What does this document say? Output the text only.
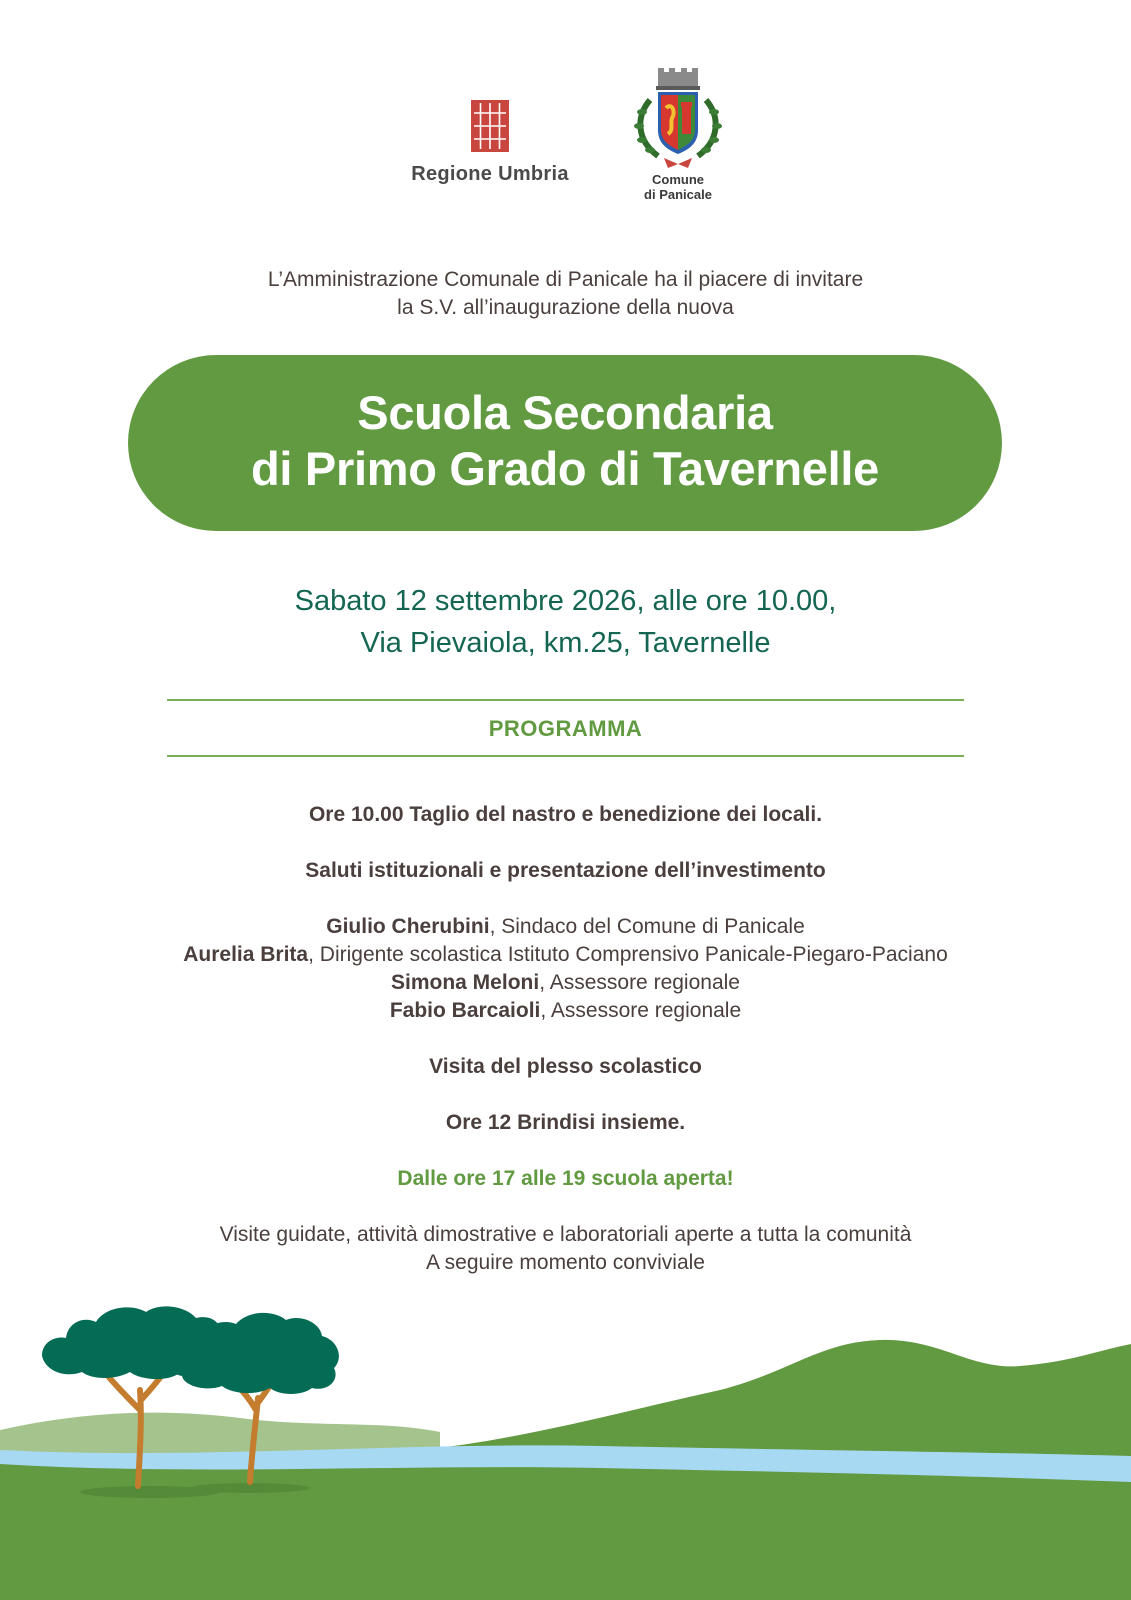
Regione Umbria	Comune
di Panicale
L’Amministrazione Comunale di Panicale ha il piacere di invitare
la S.V. all’inaugurazione della nuova
Scuola Secondaria
di Primo Grado di Tavernelle
Sabato 12 settembre 2026, alle ore 10.00,
Via Pievaiola, km.25, Tavernelle
PROGRAMMA
Ore 10.00 Taglio del nastro e benedizione dei locali.
Saluti istituzionali e presentazione dell’investimento
Giulio Cherubini, Sindaco del Comune di Panicale
Aurelia Brita, Dirigente scolastica Istituto Comprensivo Panicale-Piegaro-Paciano
Simona Meloni, Assessore regionale
Fabio Barcaioli, Assessore regionale
Visita del plesso scolastico
Ore 12 Brindisi insieme.
Dalle ore 17 alle 19 scuola aperta!
Visite guidate, attività dimostrative e laboratoriali aperte a tutta la comunità
A seguire momento conviviale
